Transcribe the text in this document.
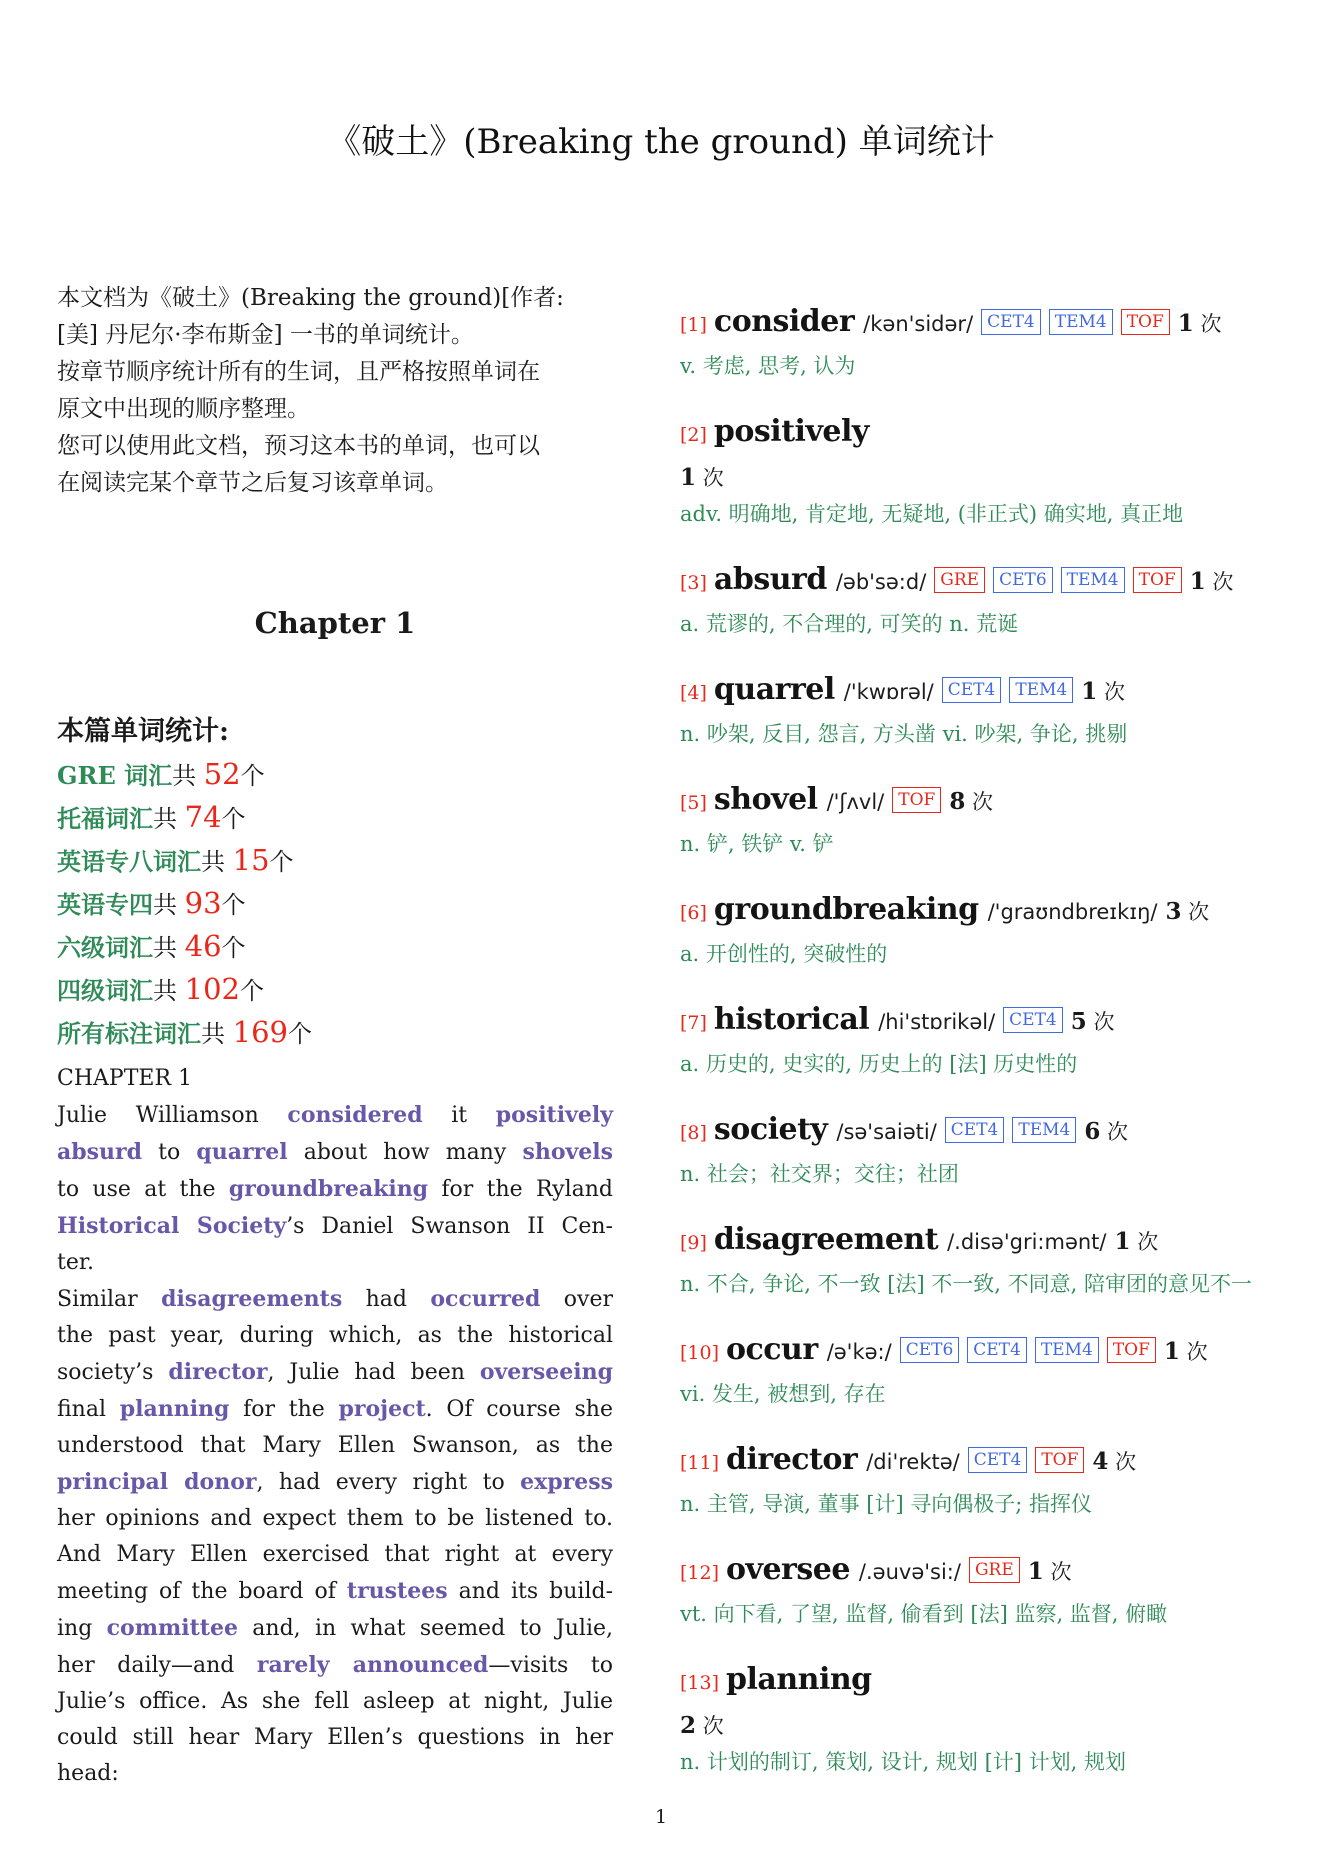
《破土》(Breaking the ground) 单词统计
本文档为《破土》(Breaking the ground)[作者:
[美] 丹尼尔·李布斯金] 一书的单词统计。
按章节顺序统计所有的生词，且严格按照单词在
原文中出现的顺序整理。
您可以使用此文档，预习这本书的单词，也可以
在阅读完某个章节之后复习该章单词。
Chapter 1
本篇单词统计:
GRE 词汇共 52个
托福词汇共 74个
英语专八词汇共 15个
英语专四共 93个
六级词汇共 46个
四级词汇共 102个
所有标注词汇共 169个
CHAPTER 1
Julie Williamson considered it positively
absurd to quarrel about how many shovels
to use at the groundbreaking for the Ryland
Historical Society’s Daniel Swanson II Cen-
ter.
Similar disagreements had occurred over
the past year, during which, as the historical
society’s director, Julie had been overseeing
final planning for the project. Of course she
understood that Mary Ellen Swanson, as the
principal donor, had every right to express
her opinions and expect them to be listened to.
And Mary Ellen exercised that right at every
meeting of the board of trustees and its build-
ing committee and, in what seemed to Julie,
her daily—and rarely announced—visits to
Julie’s office. As she fell asleep at night, Julie
could still hear Mary Ellen’s questions in her
head:
[1] consider /kən'sidər/ CET4 TEM4 TOF 1 次
v. 考虑, 思考, 认为
[2] positively
1 次
adv. 明确地, 肯定地, 无疑地, (非正式) 确实地, 真正地
[3] absurd /əb'sə:d/ GRE CET6 TEM4 TOF 1 次
a. 荒谬的, 不合理的, 可笑的 n. 荒诞
[4] quarrel /'kwɒrəl/ CET4 TEM4 1 次
n. 吵架, 反目, 怨言, 方头凿 vi. 吵架, 争论, 挑剔
[5] shovel /'ʃʌvl/ TOF 8 次
n. 铲, 铁铲 v. 铲
[6] groundbreaking /'graʊndbreɪkɪŋ/ 3 次
a. 开创性的, 突破性的
[7] historical /hi'stɒrikəl/ CET4 5 次
a. 历史的, 史实的, 历史上的 [法] 历史性的
[8] society /sə'saiəti/ CET4 TEM4 6 次
n. 社会；社交界；交往；社团
[9] disagreement /.disə'gri:mənt/ 1 次
n. 不合, 争论, 不一致 [法] 不一致, 不同意, 陪审团的意见不一
[10] occur /ə'kə:/ CET6 CET4 TEM4 TOF 1 次
vi. 发生, 被想到, 存在
[11] director /di'rektə/ CET4 TOF 4 次
n. 主管, 导演, 董事 [计] 寻向偶极子; 指挥仪
[12] oversee /.əuvə'si:/ GRE 1 次
vt. 向下看, 了望, 监督, 偷看到 [法] 监察, 监督, 俯瞰
[13] planning
2 次
n. 计划的制订, 策划, 设计, 规划 [计] 计划, 规划
1
